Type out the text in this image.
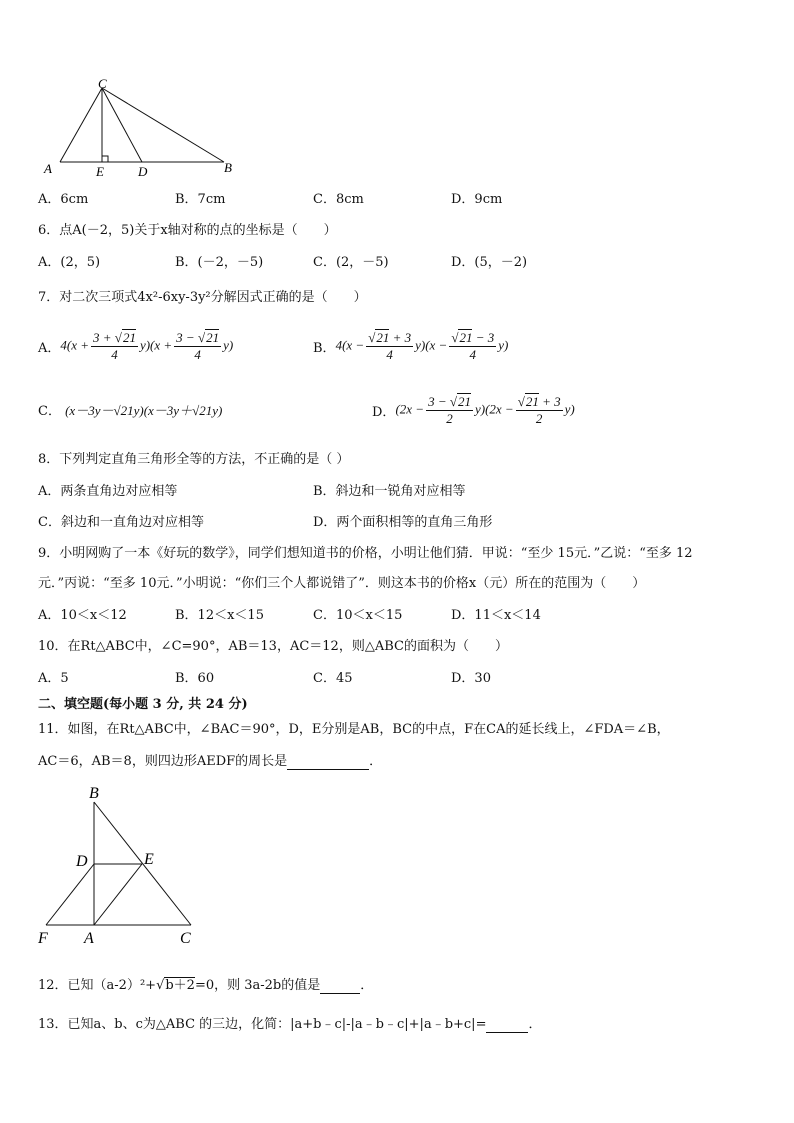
C
A	E	D	B
A．6cm	B．7cm	C．8cm	D．9cm
6．点A(－2，5)关于x轴对称的点的坐标是（　　）
A．(2，5)	B．(－2，－5)	C．(2，－5)	D．(5，－2)
7．对二次三项式4x²-6xy-3y²分解因式正确的是（　　）
A． $4(x + \frac{3 + √21}{4} y)(x + \frac{3 - √21}{4} y)$	B． $4(x - \frac{√21 + 3}{4} y)(x - \frac{√21 - 3}{4} y)$
C． (x－3y－√21y)(x－3y＋√21y)	D． $(2x - \frac{3 - √21}{2} y)(2x - \frac{√21 + 3}{2} y)$
8．下列判定直角三角形全等的方法，不正确的是（ ）
A．两条直角边对应相等	B．斜边和一锐角对应相等
C．斜边和一直角边对应相等	D．两个面积相等的直角三角形
9．小明网购了一本《好玩的数学》，同学们想知道书的价格，小明让他们猜．甲说：“至少 15元．”乙说：“至多 12
元．”丙说：“至多 10元．”小明说：“你们三个人都说错了”．则这本书的价格x（元）所在的范围为（　　）
A．10＜x＜12	B．12＜x＜15	C．10＜x＜15	D．11＜x＜14
10．在Rt△ABC中，∠C=90°，AB＝13，AC＝12，则△ABC的面积为（　　）
A．5	B．60	C．45	D．30
二、填空题(每小题 3 分, 共 24 分)
11．如图，在Rt△ABC中，∠BAC＝90°，D，E分别是AB，BC的中点，F在CA的延长线上，∠FDA＝∠B，
AC＝6，AB＝8，则四边形AEDF的周长是	．
B
D	E
F A	C
12．已知（a-2）²+√b＋2=0，则 3a-2b的值是	．
13．已知a、b、c为△ABC 的三边，化简：|a+b﹣c|-|a﹣b﹣c|+|a﹣b+c|=	．
